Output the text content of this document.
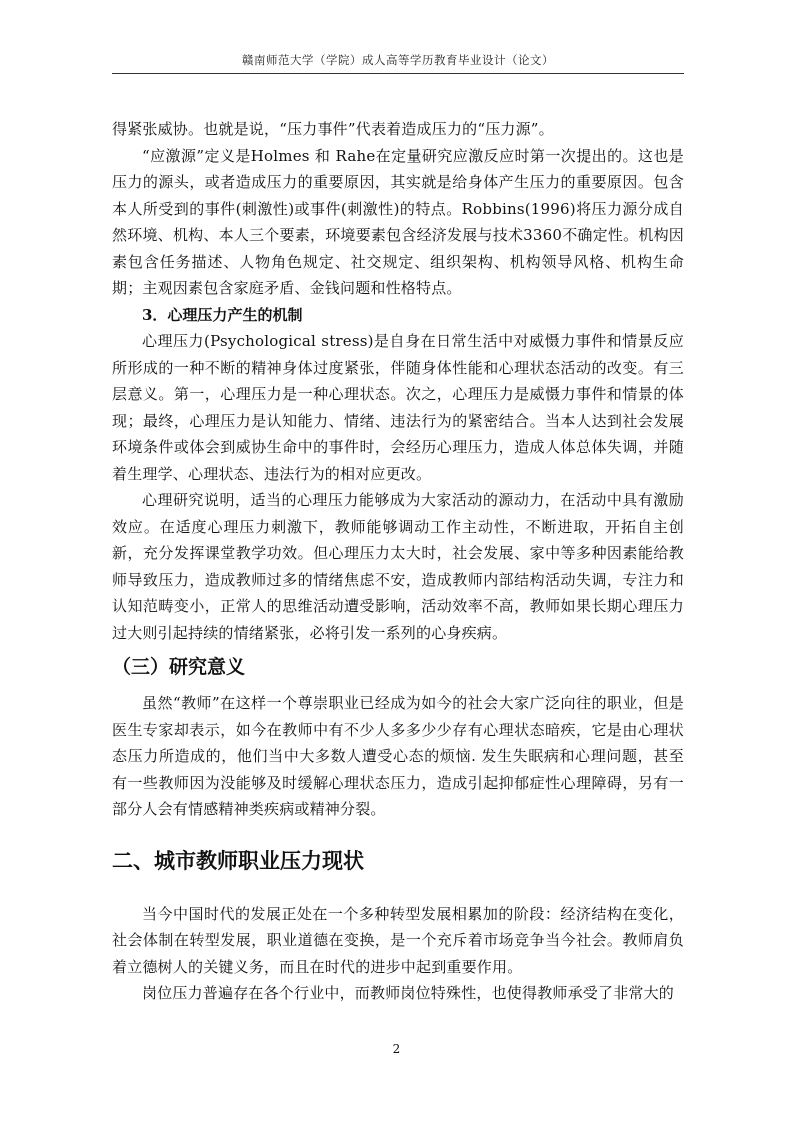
赣南师范大学（学院）成人高等学历教育毕业设计（论文）

得紧张威协。也就是说，“压力事件”代表着造成压力的“压力源”。

“应激源”定义是Holmes 和 Rahe在定量研究应激反应时第一次提出的。这也是压力的源头，或者造成压力的重要原因，其实就是给身体产生压力的重要原因。包含本人所受到的事件(刺激性)或事件(刺激性)的特点。Robbins(1996)将压力源分成自然环境、机构、本人三个要素，环境要素包含经济发展与技术3360不确定性。机构因素包含任务描述、人物角色规定、社交规定、组织架构、机构领导风格、机构生命期；主观因素包含家庭矛盾、金钱问题和性格特点。

3．心理压力产生的机制

心理压力(Psychological stress)是自身在日常生活中对威慑力事件和情景反应所形成的一种不断的精神身体过度紧张，伴随身体性能和心理状态活动的改变。有三层意义。第一，心理压力是一种心理状态。次之，心理压力是威慑力事件和情景的体现；最终，心理压力是认知能力、情绪、违法行为的紧密结合。当本人达到社会发展环境条件或体会到威协生命中的事件时，会经历心理压力，造成人体总体失调，并随着生理学、心理状态、违法行为的相对应更改。

心理研究说明，适当的心理压力能够成为大家活动的源动力，在活动中具有激励效应。在适度心理压力刺激下，教师能够调动工作主动性，不断进取，开拓自主创新，充分发挥课堂教学功效。但心理压力太大时，社会发展、家中等多种因素能给教师导致压力，造成教师过多的情绪焦虑不安，造成教师内部结构活动失调，专注力和认知范畴变小，正常人的思维活动遭受影响，活动效率不高，教师如果长期心理压力过大则引起持续的情绪紧张，必将引发一系列的心身疾病。

（三）研究意义

虽然“教师”在这样一个尊崇职业已经成为如今的社会大家广泛向往的职业，但是医生专家却表示，如今在教师中有不少人多多少少存有心理状态暗疾，它是由心理状态压力所造成的，他们当中大多数人遭受心态的烦恼. 发生失眠病和心理问题，甚至有一些教师因为没能够及时缓解心理状态压力，造成引起抑郁症性心理障碍，另有一部分人会有情感精神类疾病或精神分裂。

二、城市教师职业压力现状

当今中国时代的发展正处在一个多种转型发展相累加的阶段：经济结构在变化，社会体制在转型发展，职业道德在变换，是一个充斥着市场竞争当今社会。教师肩负着立德树人的关键义务，而且在时代的进步中起到重要作用。

岗位压力普遍存在各个行业中，而教师岗位特殊性，也使得教师承受了非常大的

2
